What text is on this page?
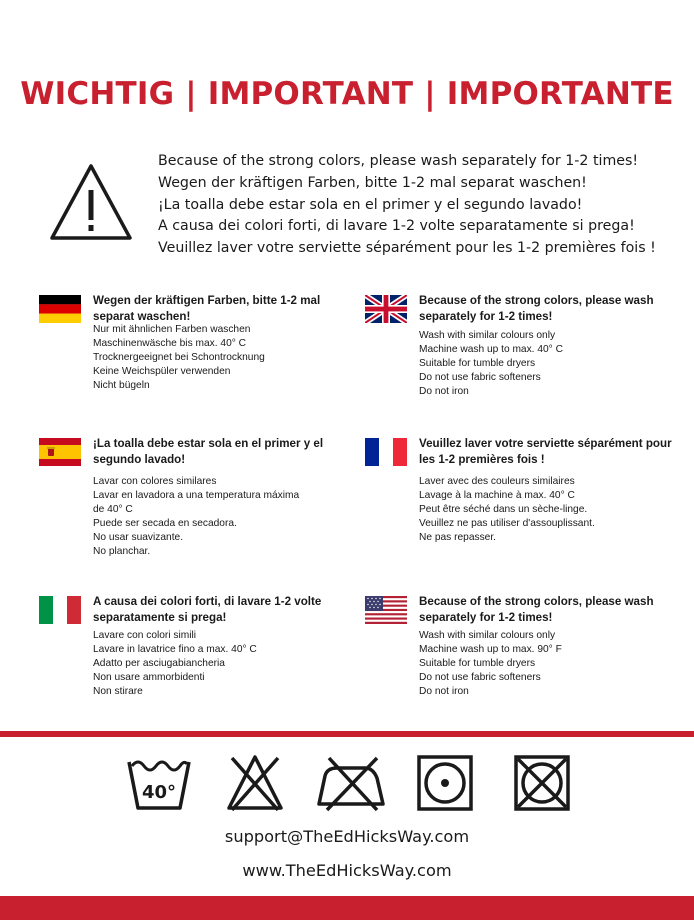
WICHTIG | IMPORTANT | IMPORTANTE
Because of the strong colors, please wash separately for 1-2 times!
Wegen der kräftigen Farben, bitte 1-2 mal separat waschen!
¡La toalla debe estar sola en el primer y el segundo lavado!
A causa dei colori forti, di lavare 1-2 volte separatamente si prega!
Veuillez laver votre serviette séparément pour les 1-2 premières fois !
Wegen der kräftigen Farben, bitte 1-2 mal separat waschen!
Nur mit ähnlichen Farben waschen
Maschinenwäsche bis max. 40° C
Trocknergeeignet bei Schontrocknung
Keine Weichspüler verwenden
Nicht bügeln
Because of the strong colors, please wash separately for 1-2 times!
Wash with similar colours only
Machine wash up to max. 40° C
Suitable for tumble dryers
Do not use fabric softeners
Do not iron
¡La toalla debe estar sola en el primer y el segundo lavado!
Lavar con colores similares
Lavar en lavadora a una temperatura máxima
de 40° C
Puede ser secada en secadora.
No usar suavizante.
No planchar.
Veuillez laver votre serviette séparément pour les 1-2 premières fois !
Laver avec des couleurs similaires
Lavage à la machine à max. 40° C
Peut être séché dans un sèche-linge.
Veuillez ne pas utiliser d'assouplissant.
Ne pas repasser.
A causa dei colori forti, di lavare 1-2 volte separatamente si prega!
Lavare con colori simili
Lavare in lavatrice fino a max. 40° C
Adatto per asciugabiancheria
Non usare ammorbidenti
Non stirare
Because of the strong colors, please wash separately for 1-2 times!
Wash with similar colours only
Machine wash up to max. 90° F
Suitable for tumble dryers
Do not use fabric softeners
Do not iron
40°
support@TheEdHicksWay.com
www.TheEdHicksWay.com
